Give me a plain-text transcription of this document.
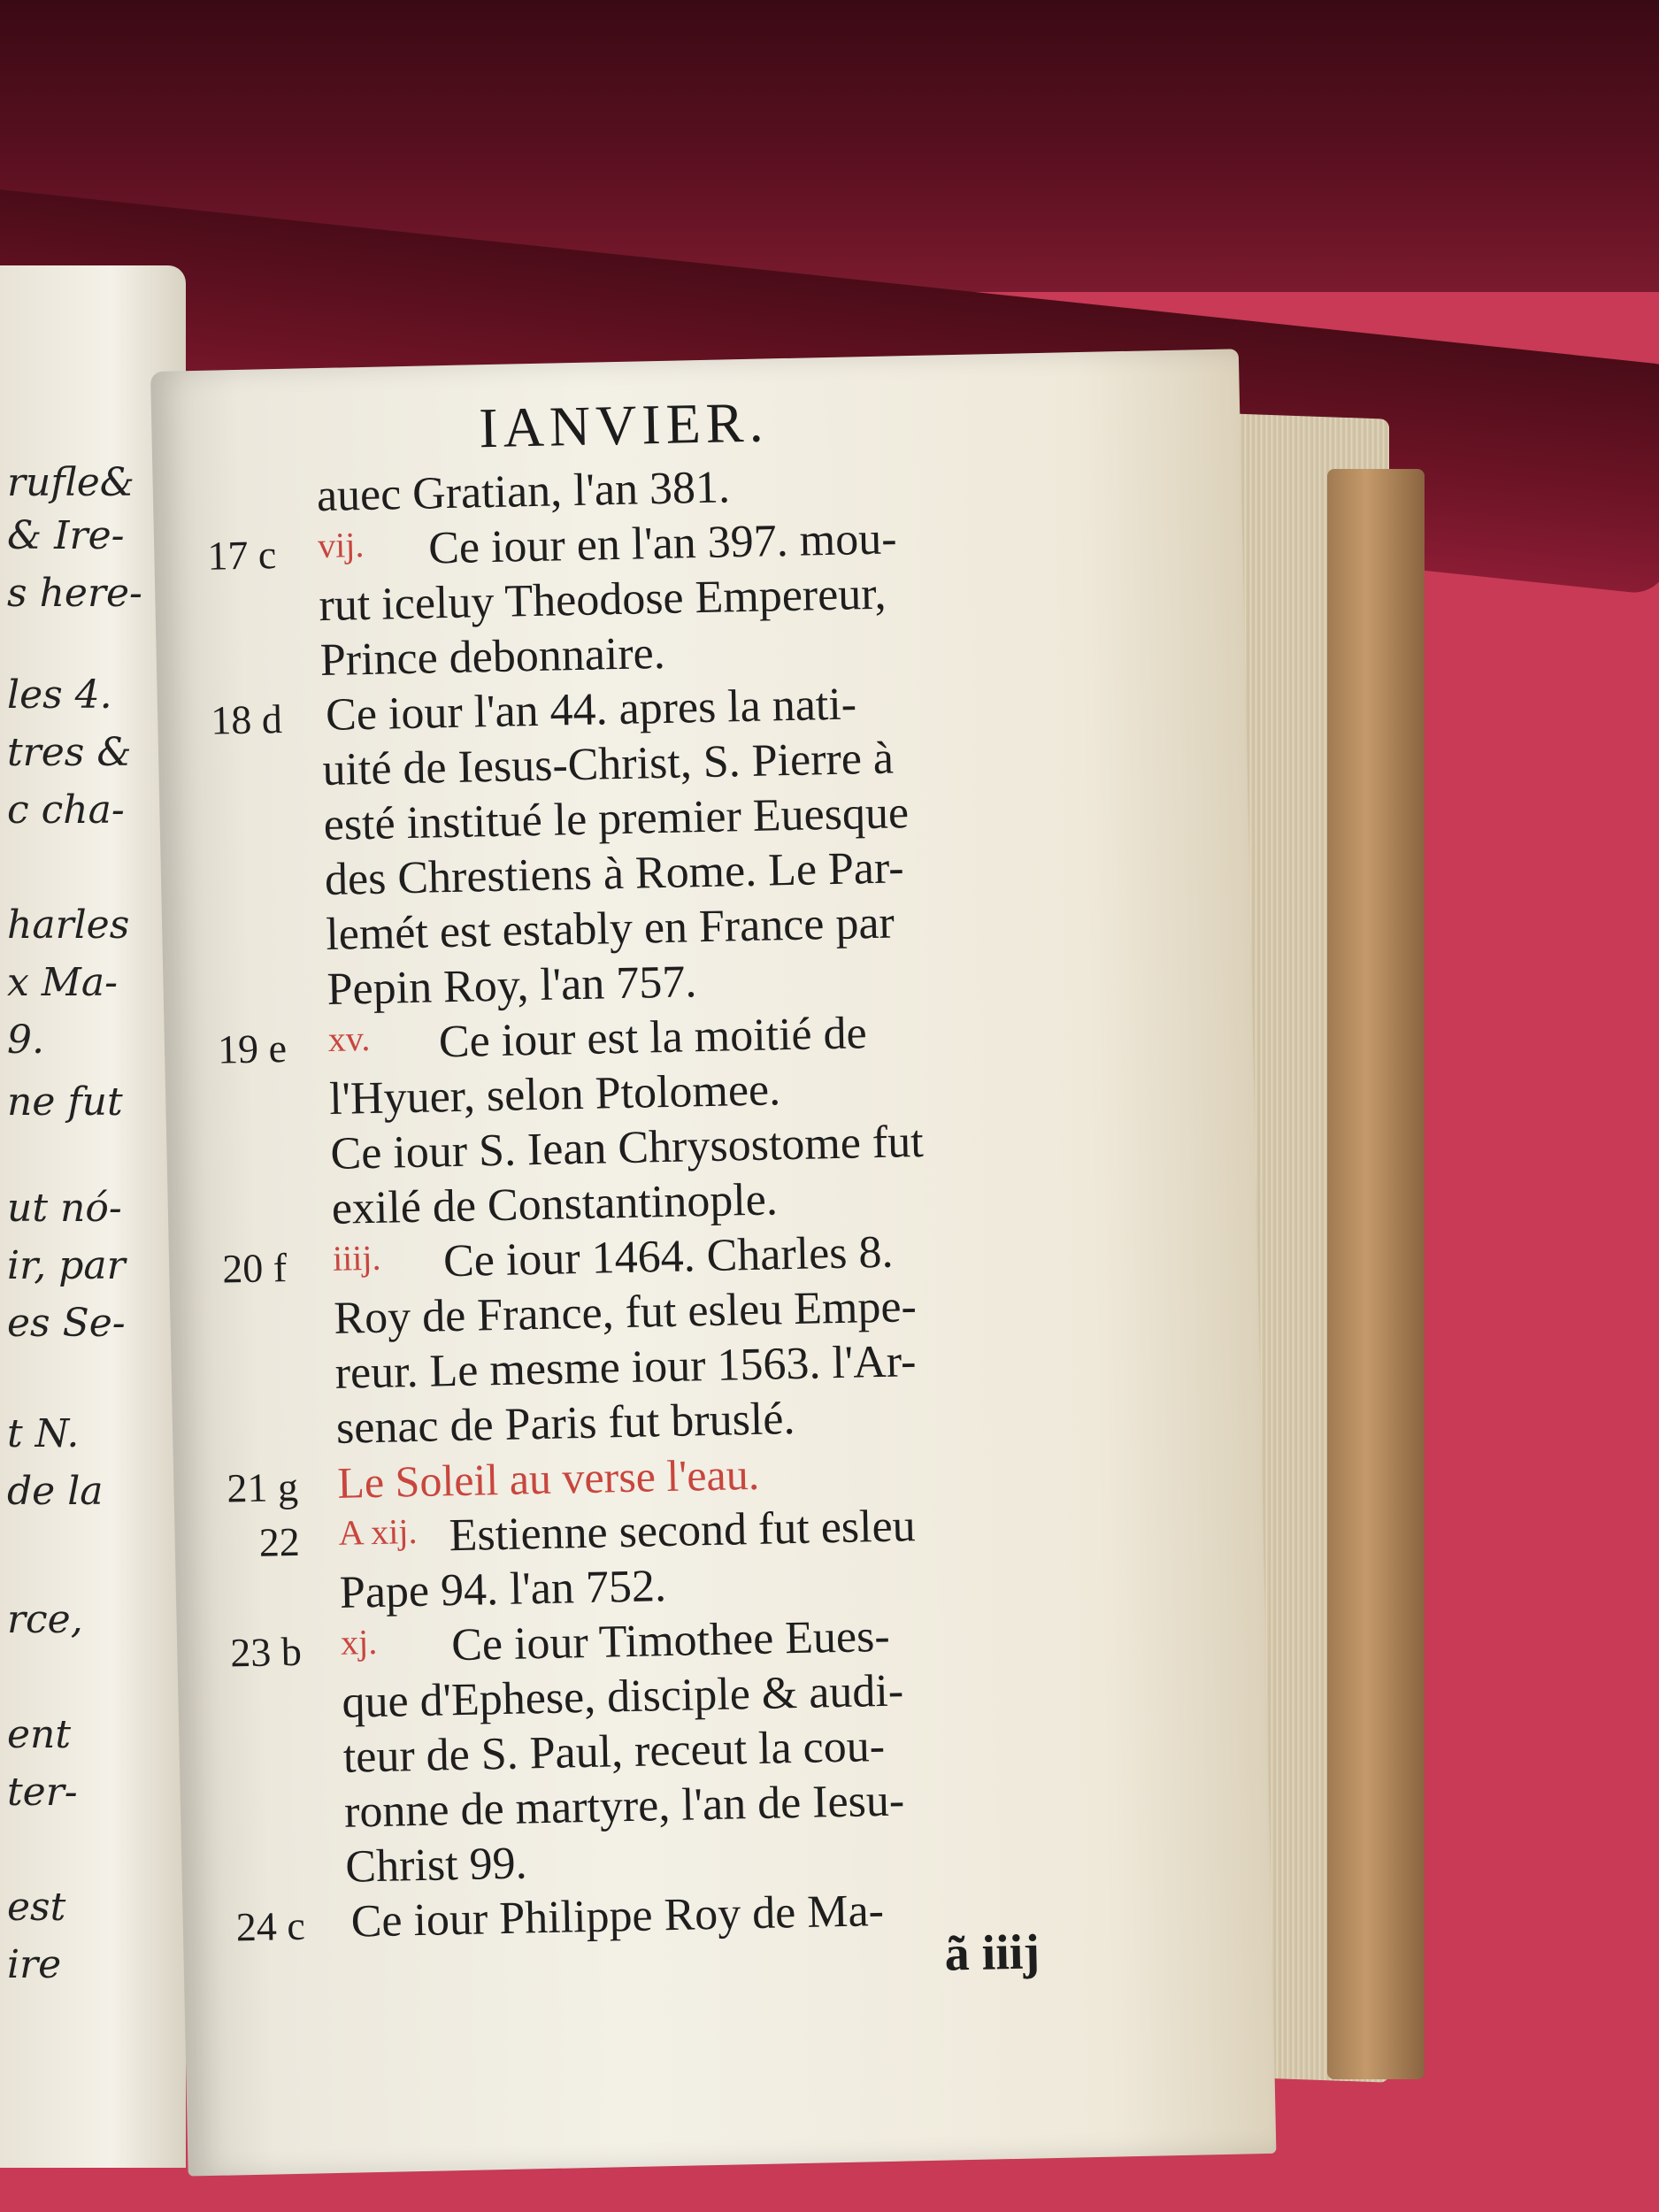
rufle&
& Ire-
s here-
les 4.
tres &
c cha-
harles
x Ma-
9.
ne fut
ut nó-
ir, par
es Se-
t N.
de la
rce,
ent
ter-
est
ire
IANVIER.
auec Gratian, l'an 381.
17 c vij. Ce iour en l'an 397. mou-
rut iceluy Theodose Empereur,
Prince debonnaire.
18 d Ce iour l'an 44. apres la nati-
uité de Iesus-Christ, S. Pierre à
esté institué le premier Euesque
des Chrestiens à Rome. Le Par-
lemét est estably en France par
Pepin Roy, l'an 757.
19 e xv. Ce iour est la moitié de
l'Hyuer, selon Ptolomee.
Ce iour S. Iean Chrysostome fut
exilé de Constantinople.
20 f iiij. Ce iour 1464. Charles 8.
Roy de France, fut esleu Empe-
reur. Le mesme iour 1563. l'Ar-
senac de Paris fut bruslé.
21 g Le Soleil au verse l'eau.
22 A xij. Estienne second fut esleu
Pape 94. l'an 752.
23 b xj. Ce iour Timothee Eues-
que d'Ephese, disciple & audi-
teur de S. Paul, receut la cou-
ronne de martyre, l'an de Iesu-
Christ 99.
24 c Ce iour Philippe Roy de Ma-
ã iiij
